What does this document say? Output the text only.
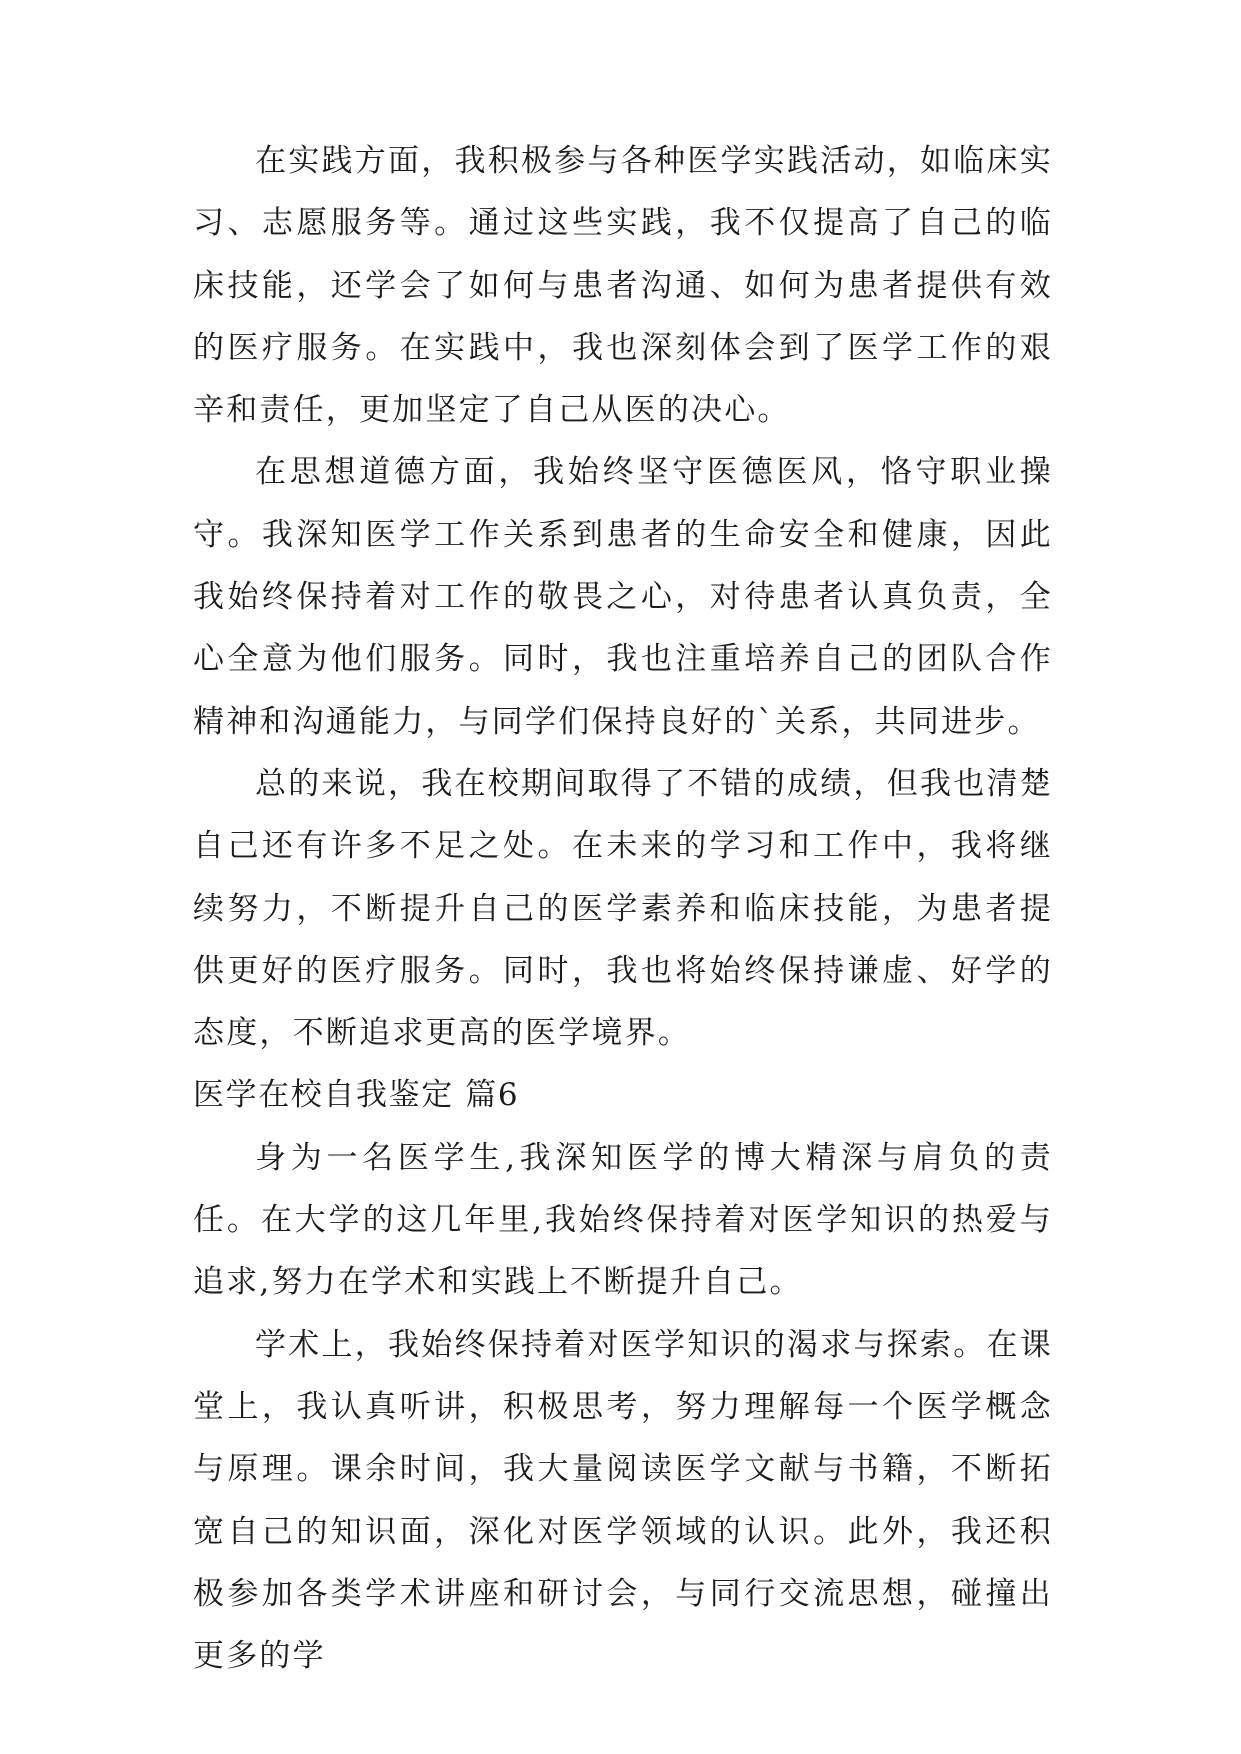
在实践方面，我积极参与各种医学实践活动，如临床实习、志愿服务等。通过这些实践，我不仅提高了自己的临床技能，还学会了如何与患者沟通、如何为患者提供有效的医疗服务。在实践中，我也深刻体会到了医学工作的艰辛和责任，更加坚定了自己从医的决心。

在思想道德方面，我始终坚守医德医风，恪守职业操守。我深知医学工作关系到患者的生命安全和健康，因此我始终保持着对工作的敬畏之心，对待患者认真负责，全心全意为他们服务。同时，我也注重培养自己的团队合作精神和沟通能力，与同学们保持良好的`关系，共同进步。

总的来说，我在校期间取得了不错的成绩，但我也清楚自己还有许多不足之处。在未来的学习和工作中，我将继续努力，不断提升自己的医学素养和临床技能，为患者提供更好的医疗服务。同时，我也将始终保持谦虚、好学的态度，不断追求更高的医学境界。

医学在校自我鉴定 篇6

身为一名医学生,我深知医学的博大精深与肩负的责任。在大学的这几年里,我始终保持着对医学知识的热爱与追求,努力在学术和实践上不断提升自己。

学术上，我始终保持着对医学知识的渴求与探索。在课堂上，我认真听讲，积极思考，努力理解每一个医学概念与原理。课余时间，我大量阅读医学文献与书籍，不断拓宽自己的知识面，深化对医学领域的认识。此外，我还积极参加各类学术讲座和研讨会，与同行交流思想，碰撞出更多的学
